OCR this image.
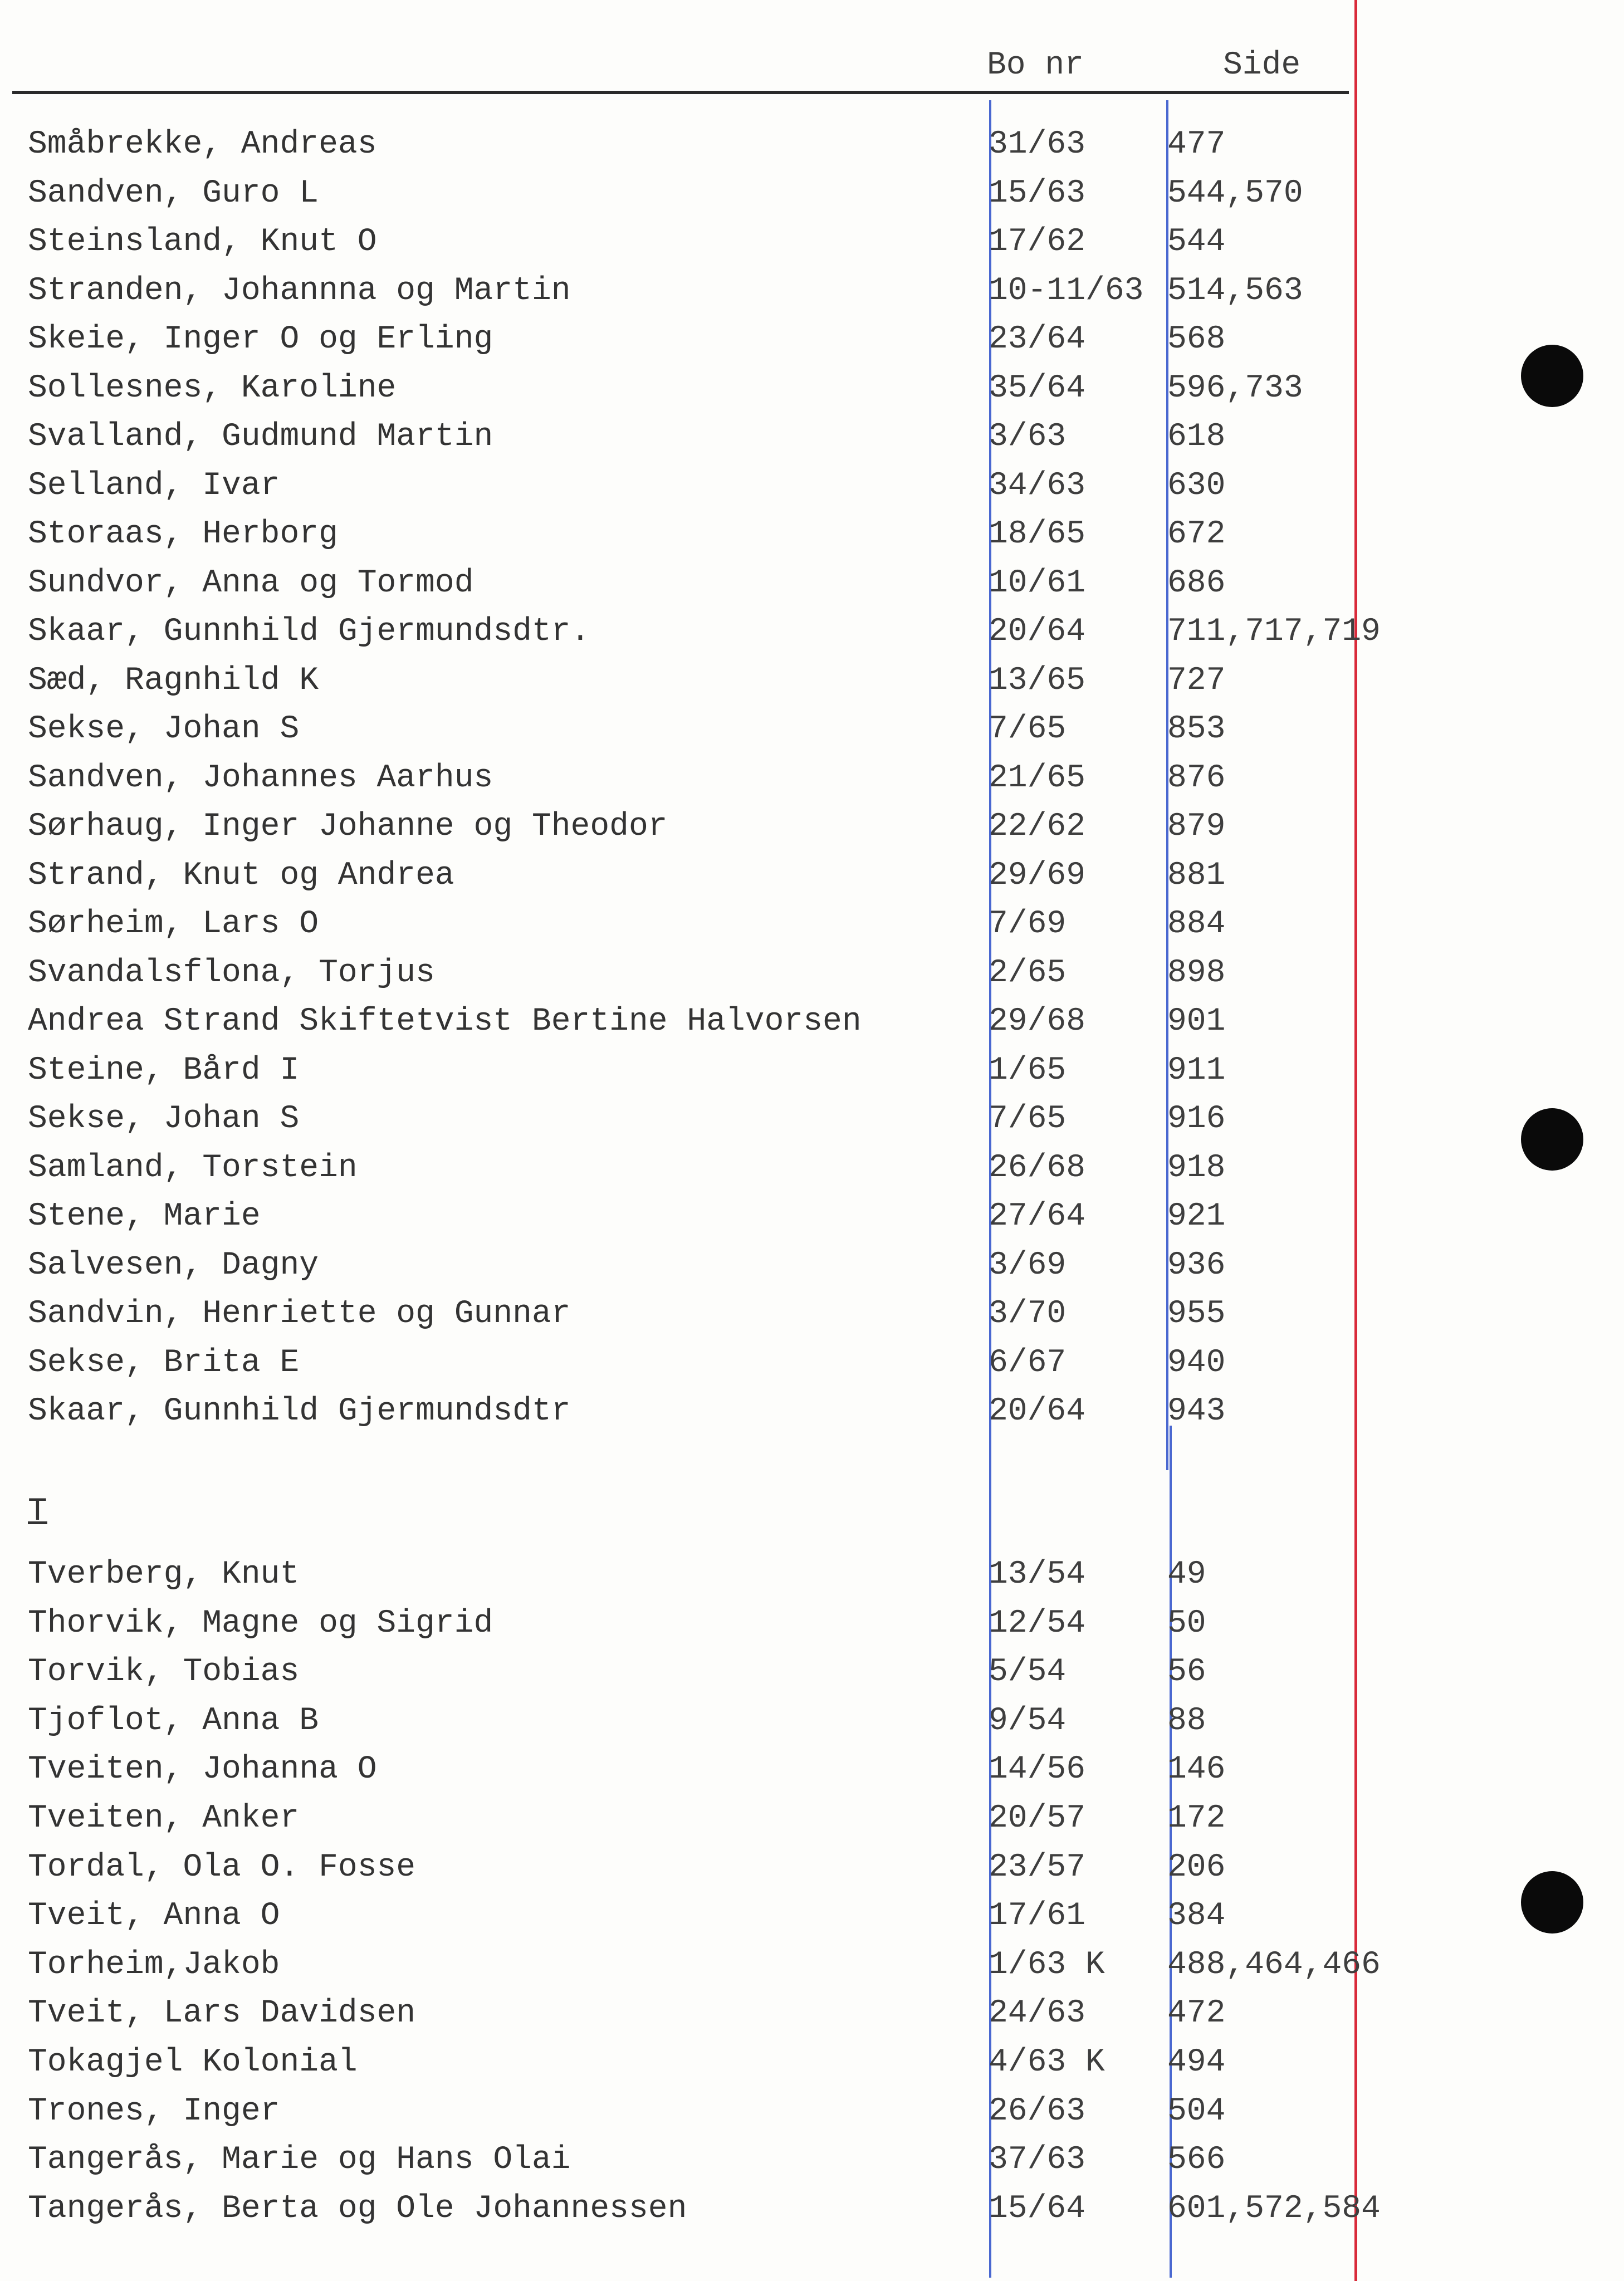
Bo nr	Side
Småbrekke, Andreas	31/63	477
Sandven, Guro L	15/63	544,570
Steinsland, Knut O	17/62	544
Stranden, Johannna og Martin	10-11/63 514,563
Skeie, Inger O og Erling	23/64	568
Sollesnes, Karoline	35/64	596,733
Svalland, Gudmund Martin	3/63	618
Selland, Ivar	34/63	630
Storaas, Herborg	18/65	672
Sundvor, Anna og Tormod	10/61	686
Skaar, Gunnhild Gjermundsdtr.	20/64	711,717,719
Sæd, Ragnhild K	13/65	727
Sekse, Johan S	7/65	853
Sandven, Johannes Aarhus	21/65	876
Sørhaug, Inger Johanne og Theodor	22/62	879
Strand, Knut og Andrea	29/69	881
Sørheim, Lars O	7/69	884
Svandalsflona, Torjus	2/65	898
Andrea Strand Skiftetvist Bertine Halvorsen	29/68	901
Steine, Bård I	1/65	911
Sekse, Johan S	7/65	916
Samland, Torstein	26/68	918
Stene, Marie	27/64	921
Salvesen, Dagny	3/69	936
Sandvin, Henriette og Gunnar	3/70	955
Sekse, Brita E	6/67	940
Skaar, Gunnhild Gjermundsdtr	20/64	943
T
Tverberg, Knut	13/54	49
Thorvik, Magne og Sigrid	12/54	50
Torvik, Tobias	5/54	56
Tjoflot, Anna B	9/54	88
Tveiten, Johanna O	14/56	146
Tveiten, Anker	20/57	172
Tordal, Ola O. Fosse	23/57	206
Tveit, Anna O	17/61	384
Torheim,Jakob	1/63 K 488,464,466
Tveit, Lars Davidsen	24/63	472
Tokagjel Kolonial	4/63 K 494
Trones, Inger	26/63	504
Tangerås, Marie og Hans Olai	37/63	566
Tangerås, Berta og Ole Johannessen	15/64	601,572,584
